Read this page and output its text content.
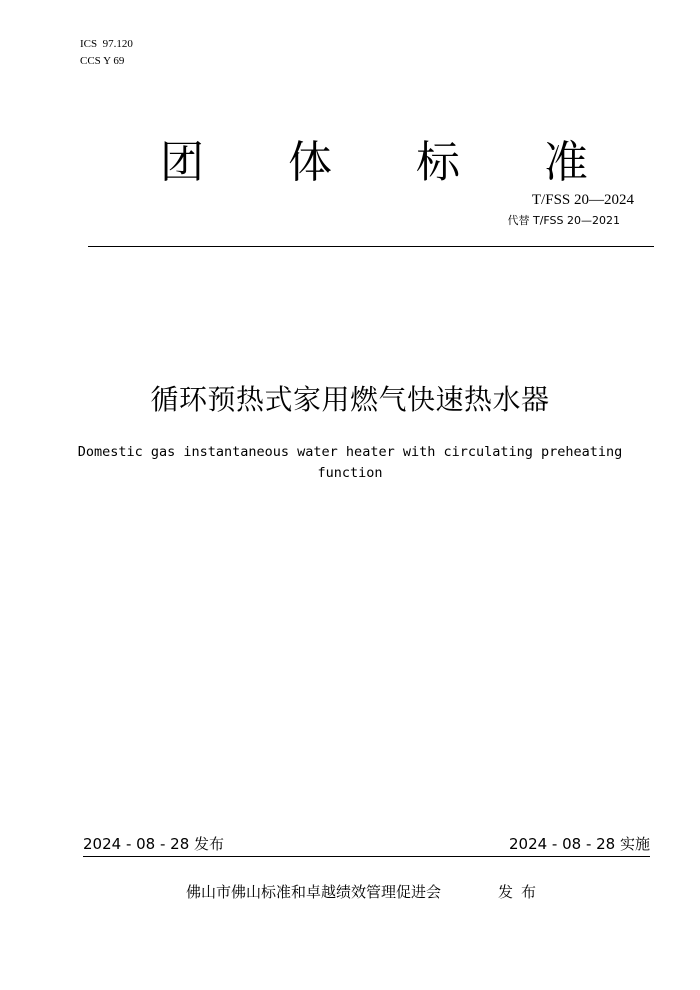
ICS  97.120
CCS Y 69
团 体 标 准
T/FSS 20—2024
代替 T/FSS 20—2021
循环预热式家用燃气快速热水器
Domestic gas instantaneous water heater with circulating preheating function
2024 - 08 - 28 发布	2024 - 08 - 28 实施
佛山市佛山标准和卓越绩效管理促进会	发布
